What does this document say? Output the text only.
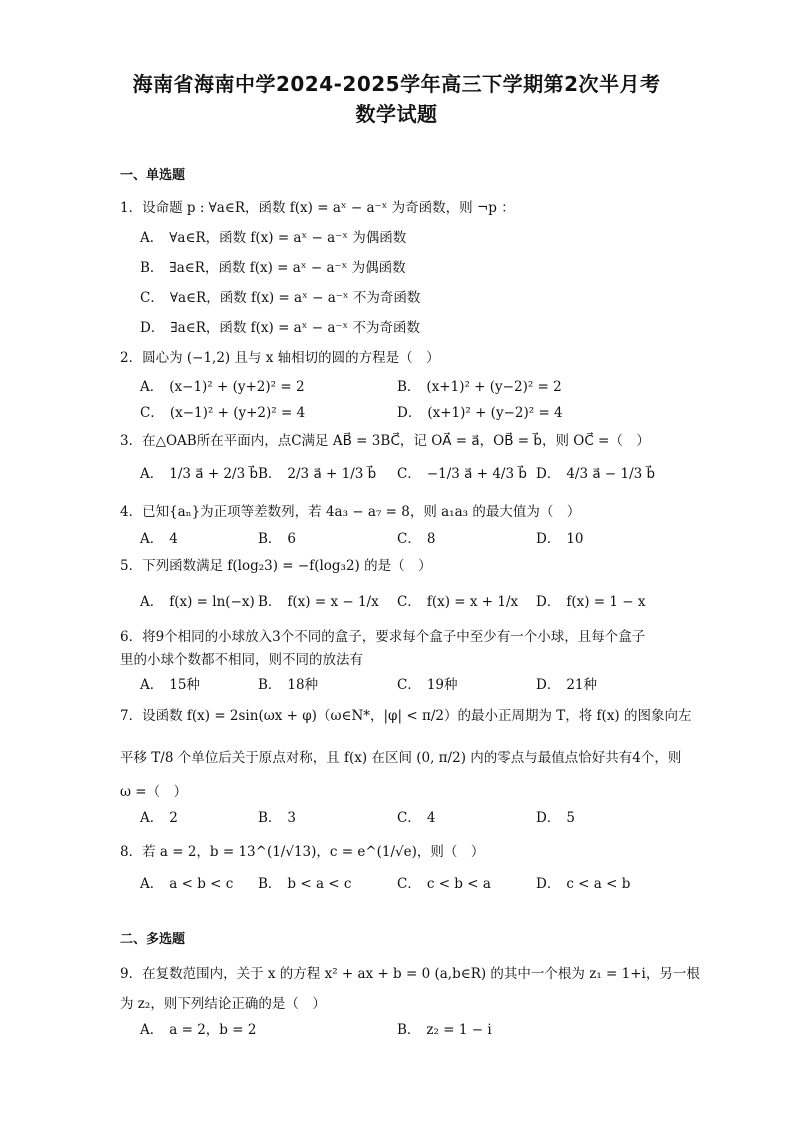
海南省海南中学2024-2025学年高三下学期第2次半月考
数学试题
一、单选题
1．设命题 p : ∀a∈R，函数 f(x) = aˣ − a⁻ˣ 为奇函数，则 ¬p ：
A． ∀a∈R，函数 f(x) = aˣ − a⁻ˣ 为偶函数
B． ∃a∈R，函数 f(x) = aˣ − a⁻ˣ 为偶函数
C． ∀a∈R，函数 f(x) = aˣ − a⁻ˣ 不为奇函数
D． ∃a∈R，函数 f(x) = aˣ − a⁻ˣ 不为奇函数
2．圆心为 (−1,2) 且与 x 轴相切的圆的方程是（　）
A． (x−1)² + (y+2)² = 2	B． (x+1)² + (y−2)² = 2
C． (x−1)² + (y+2)² = 4	D． (x+1)² + (y−2)² = 4
3．在△OAB所在平面内，点C满足 AB⃗ = 3BC⃗，记 OA⃗ = a⃗，OB⃗ = b⃗，则 OC⃗ =（　）
A． 1/3 a⃗ + 2/3 b⃗ B． 2/3 a⃗ + 1/3 b⃗ C． −1/3 a⃗ + 4/3 b⃗ D． 4/3 a⃗ − 1/3 b⃗
4．已知{aₙ}为正项等差数列，若 4a₃ − a₇ = 8，则 a₁a₃ 的最大值为（　）
A． 4	B． 6	C． 8	D． 10
5．下列函数满足 f(log₂3) = −f(log₃2) 的是（　）
A． f(x) = ln(−x) B． f(x) = x − 1/x C． f(x) = x + 1/x D． f(x) = 1 − x
6．将9个相同的小球放入3个不同的盒子，要求每个盒子中至少有一个小球，且每个盒子
里的小球个数都不相同，则不同的放法有
A． 15种	B． 18种	C． 19种	D． 21种
7．设函数 f(x) = 2sin(ωx + φ)（ω∈N*，|φ| < π/2）的最小正周期为 T，将 f(x) 的图象向左
平移 T/8 个单位后关于原点对称，且 f(x) 在区间 (0, π/2) 内的零点与最值点恰好共有4个，则
ω =（　）
A． 2	B． 3	C． 4	D． 5
8．若 a = 2，b = 13^(1/√13)，c = e^(1/√e)，则（　）
A． a < b < c B． b < a < c	C． c < b < a	D． c < a < b
二、多选题
9．在复数范围内，关于 x 的方程 x² + ax + b = 0 (a,b∈R) 的其中一个根为 z₁ = 1+i，另一根
为 z₂，则下列结论正确的是（　）
A． a = 2，b = 2	B． z₂ = 1 − i
